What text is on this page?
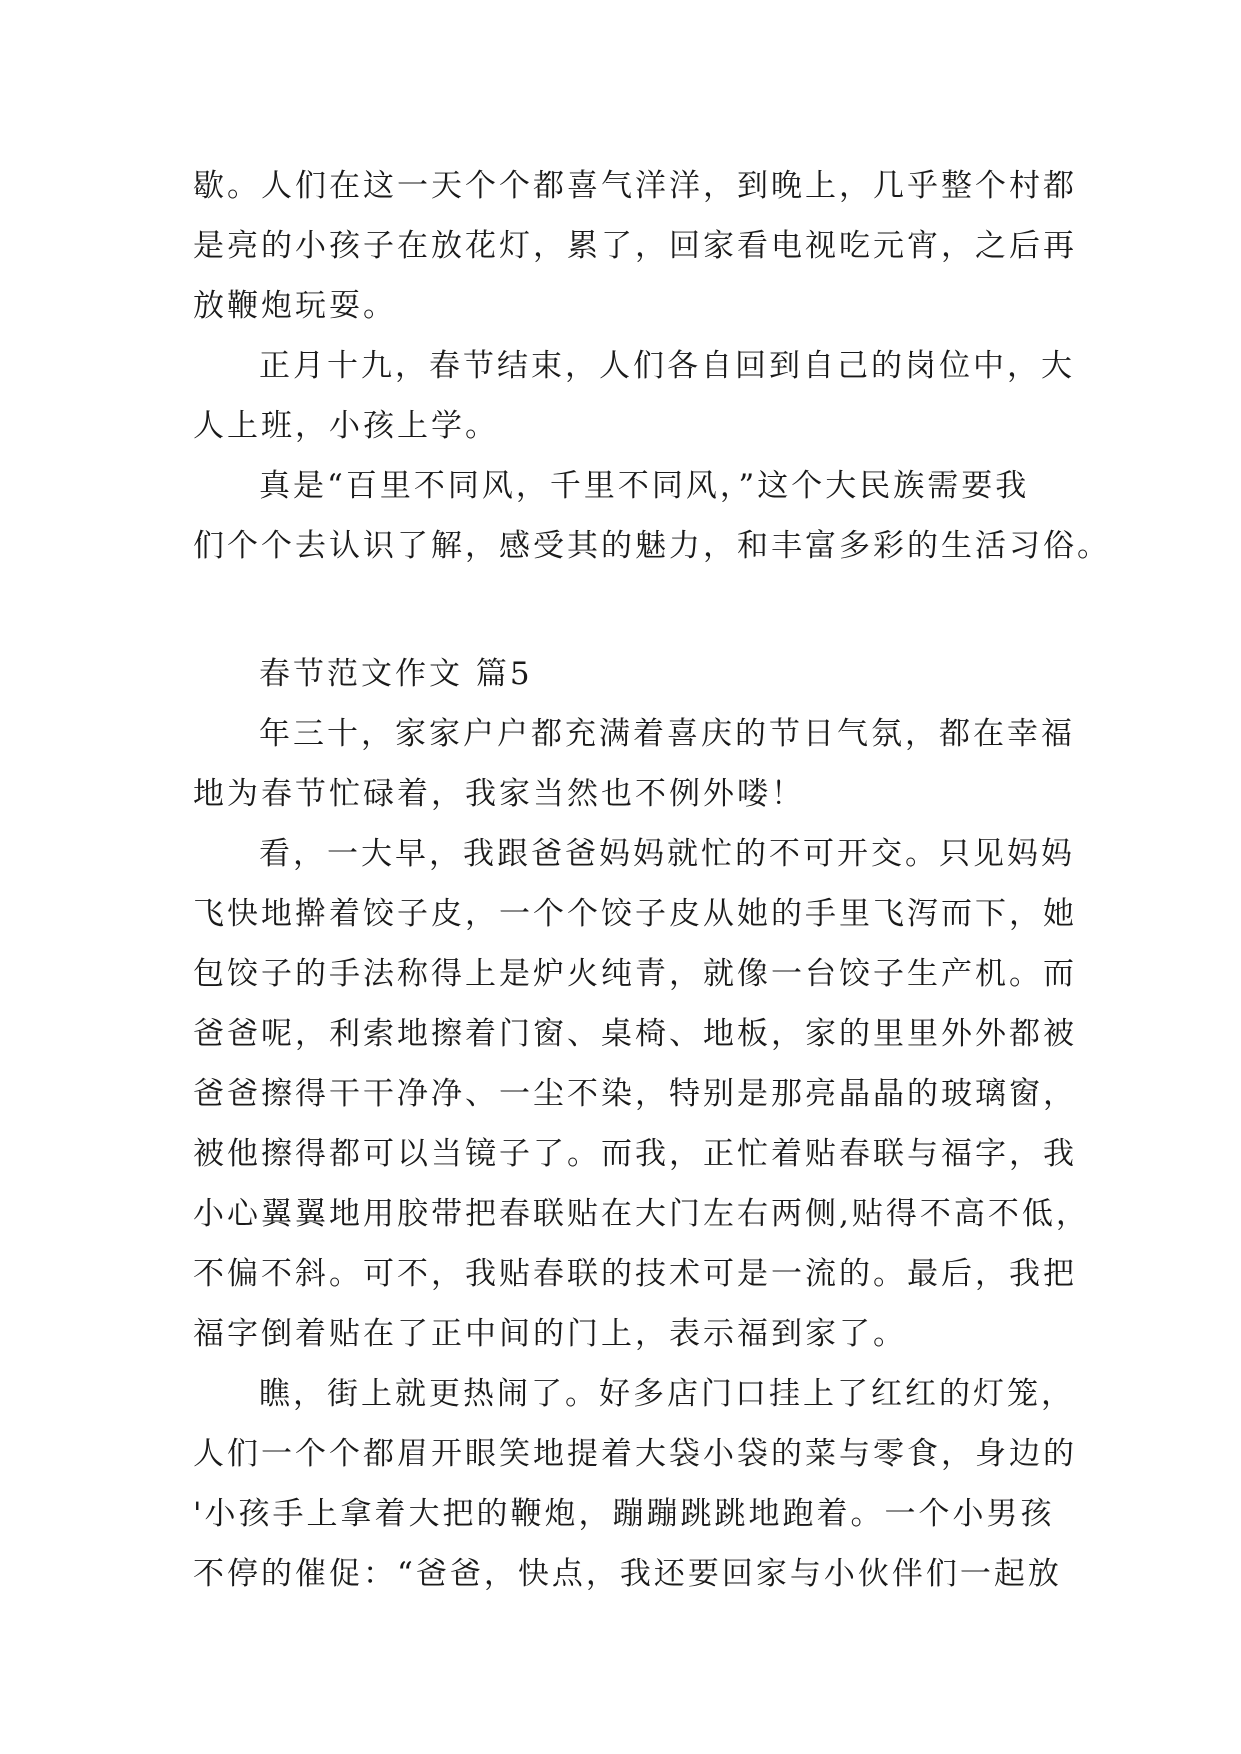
歇。人们在这一天个个都喜气洋洋，到晚上，几乎整个村都
是亮的小孩子在放花灯，累了，回家看电视吃元宵，之后再
放鞭炮玩耍。
正月十九，春节结束，人们各自回到自己的岗位中，大
人上班，小孩上学。
真是“百里不同风，千里不同风，”这个大民族需要我
们个个去认识了解，感受其的魅力，和丰富多彩的生活习俗。
春节范文作文 篇5
年三十，家家户户都充满着喜庆的节日气氛，都在幸福
地为春节忙碌着，我家当然也不例外喽！
看，一大早，我跟爸爸妈妈就忙的不可开交。只见妈妈
飞快地擀着饺子皮，一个个饺子皮从她的手里飞泻而下，她
包饺子的手法称得上是炉火纯青，就像一台饺子生产机。而
爸爸呢，利索地擦着门窗、桌椅、地板，家的里里外外都被
爸爸擦得干干净净、一尘不染，特别是那亮晶晶的玻璃窗，
被他擦得都可以当镜子了。而我，正忙着贴春联与福字，我
小心翼翼地用胶带把春联贴在大门左右两侧,贴得不高不低，
不偏不斜。可不，我贴春联的技术可是一流的。最后，我把
福字倒着贴在了正中间的门上，表示福到家了。
瞧，街上就更热闹了。好多店门口挂上了红红的灯笼，
人们一个个都眉开眼笑地提着大袋小袋的菜与零食，身边的
'小孩手上拿着大把的鞭炮，蹦蹦跳跳地跑着。一个小男孩
不停的催促：“爸爸，快点，我还要回家与小伙伴们一起放
